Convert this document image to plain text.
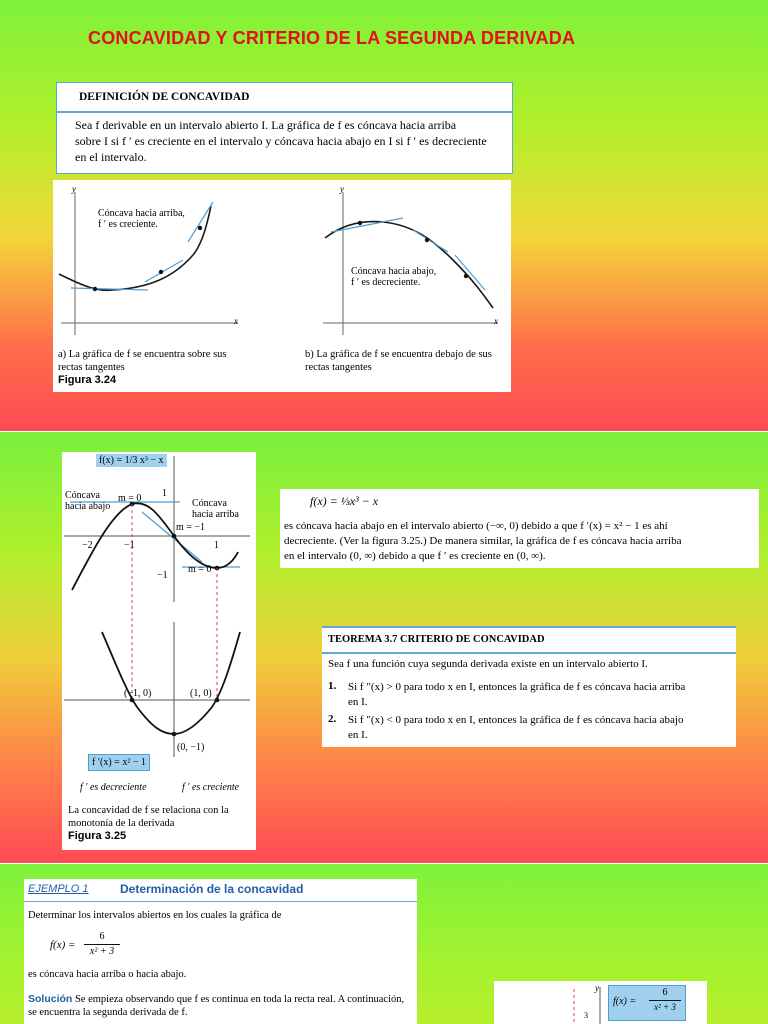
CONCAVIDAD Y CRITERIO DE LA SEGUNDA DERIVADA
DEFINICIÓN DE CONCAVIDAD
Sea f derivable en un intervalo abierto I. La gráfica de f es cóncava hacia arriba
sobre I si f ′ es creciente en el intervalo y cóncava hacia abajo en I si f ′ es decreciente
en el intervalo.
y
x
y
x
Cóncava hacia arriba,
f ′ es creciente.
Cóncava hacia abajo,
f ′ es decreciente.
a) La gráfica de f se encuentra sobre sus
rectas tangentes
Figura 3.24
b) La gráfica de f se encuentra debajo de sus
rectas tangentes
f(x) = 1/3 x³ − x
Cóncava
hacia abajo
m = 0	Cóncava
hacia arriba
m = −1
m = 0
−2	−1	1
1
−1
(−1, 0)	(1, 0)
(0, −1)
f ′(x) = x² − 1
f ′ es decreciente	f ′ es creciente
La concavidad de f se relaciona con la
monotonía de la derivada
Figura 3.25
f(x) = ⅓x³ − x
es cóncava hacia abajo en el intervalo abierto (−∞, 0) debido a que f ′(x) = x² − 1 es ahí
decreciente. (Ver la figura 3.25.) De manera similar, la gráfica de f es cóncava hacia arriba
en el intervalo (0, ∞) debido a que f ′ es creciente en (0, ∞).
TEOREMA 3.7 CRITERIO DE CONCAVIDAD
Sea f una función cuya segunda derivada existe en un intervalo abierto I.
1. Si f ″(x) > 0 para todo x en I, entonces la gráfica de f es cóncava hacia arriba
en I.
2. Si f ″(x) < 0 para todo x en I, entonces la gráfica de f es cóncava hacia abajo
en I.
EJEMPLO 1	Determinación de la concavidad
Determinar los intervalos abiertos en los cuales la gráfica de
f(x) =
6
x² + 3
es cóncava hacia arriba o hacia abajo.
Solución Se empieza observando que f es continua en toda la recta real. A continuación,
se encuentra la segunda derivada de f.
y
3
f(x) =
6
x² + 3
